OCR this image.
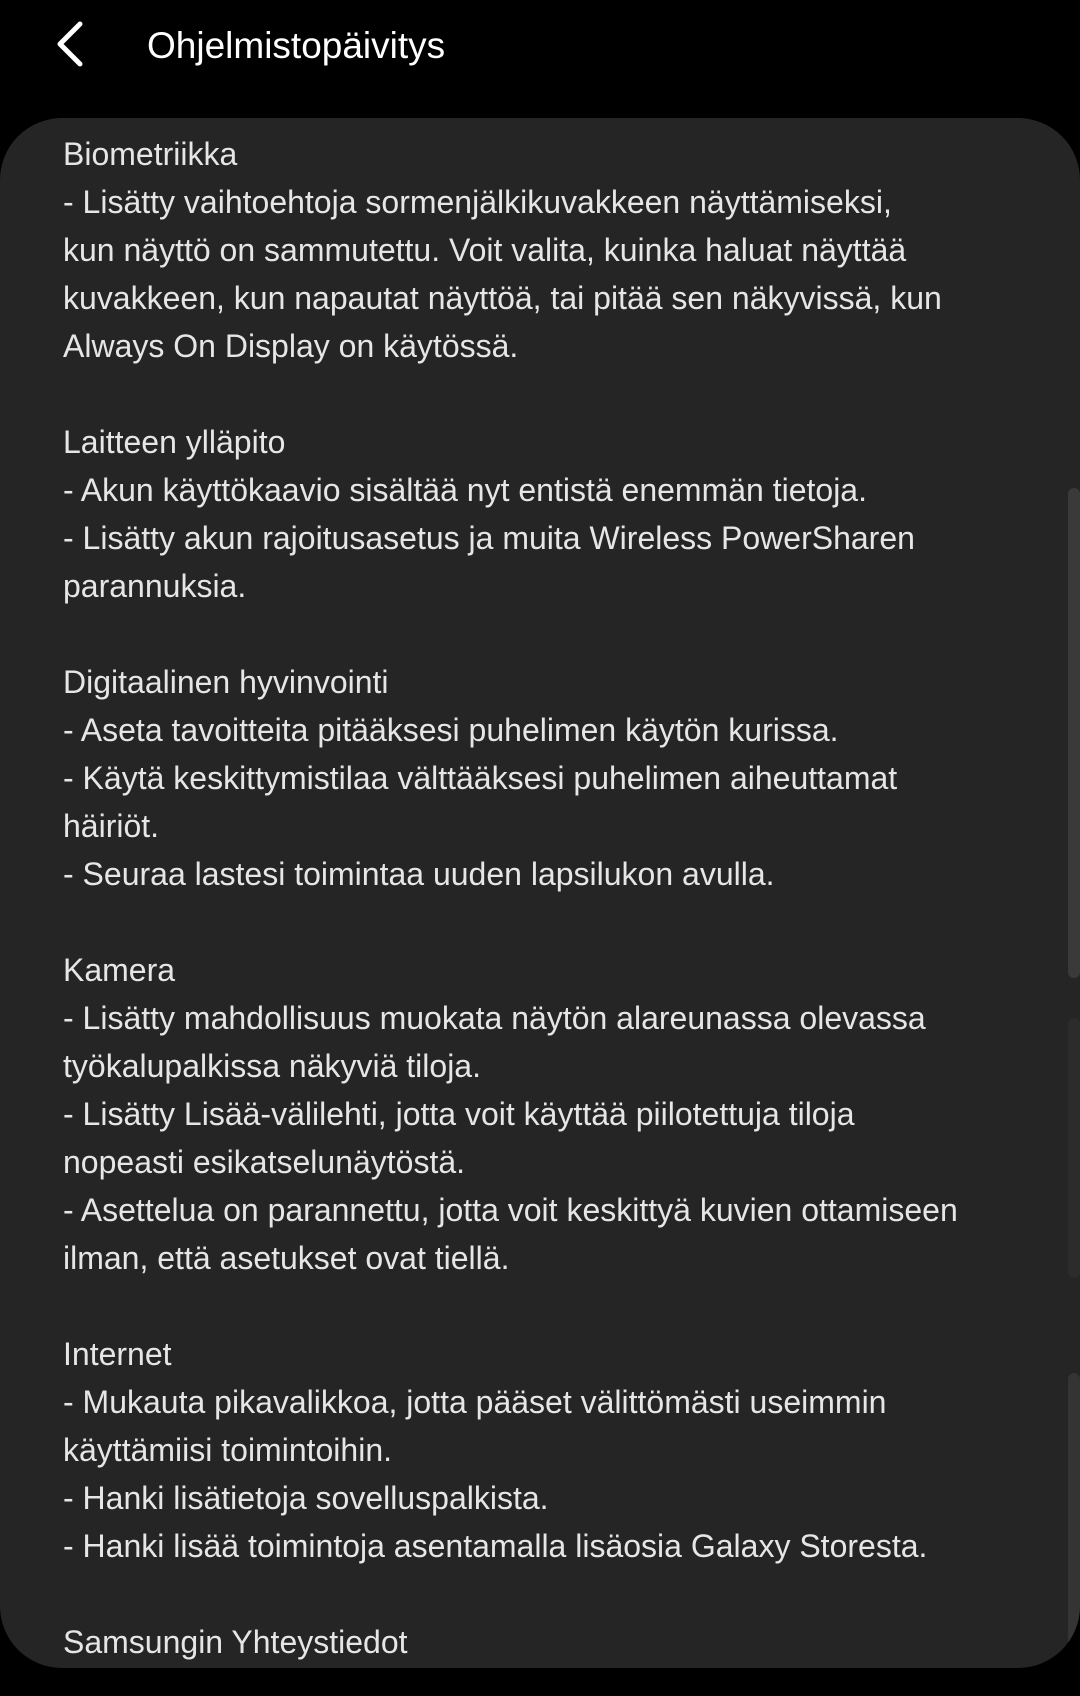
Ohjelmistopäivitys
Biometriikka
- Lisätty vaihtoehtoja sormenjälkikuvakkeen näyttämiseksi,
kun näyttö on sammutettu. Voit valita, kuinka haluat näyttää
kuvakkeen, kun napautat näyttöä, tai pitää sen näkyvissä, kun
Always On Display on käytössä.
Laitteen ylläpito
- Akun käyttökaavio sisältää nyt entistä enemmän tietoja.
- Lisätty akun rajoitusasetus ja muita Wireless PowerSharen
parannuksia.
Digitaalinen hyvinvointi
- Aseta tavoitteita pitääksesi puhelimen käytön kurissa.
- Käytä keskittymistilaa välttääksesi puhelimen aiheuttamat
häiriöt.
- Seuraa lastesi toimintaa uuden lapsilukon avulla.
Kamera
- Lisätty mahdollisuus muokata näytön alareunassa olevassa
työkalupalkissa näkyviä tiloja.
- Lisätty Lisää-välilehti, jotta voit käyttää piilotettuja tiloja
nopeasti esikatselunäytöstä.
- Asettelua on parannettu, jotta voit keskittyä kuvien ottamiseen
ilman, että asetukset ovat tiellä.
Internet
- Mukauta pikavalikkoa, jotta pääset välittömästi useimmin
käyttämiisi toimintoihin.
- Hanki lisätietoja sovelluspalkista.
- Hanki lisää toimintoja asentamalla lisäosia Galaxy Storesta.
Samsungin Yhteystiedot
